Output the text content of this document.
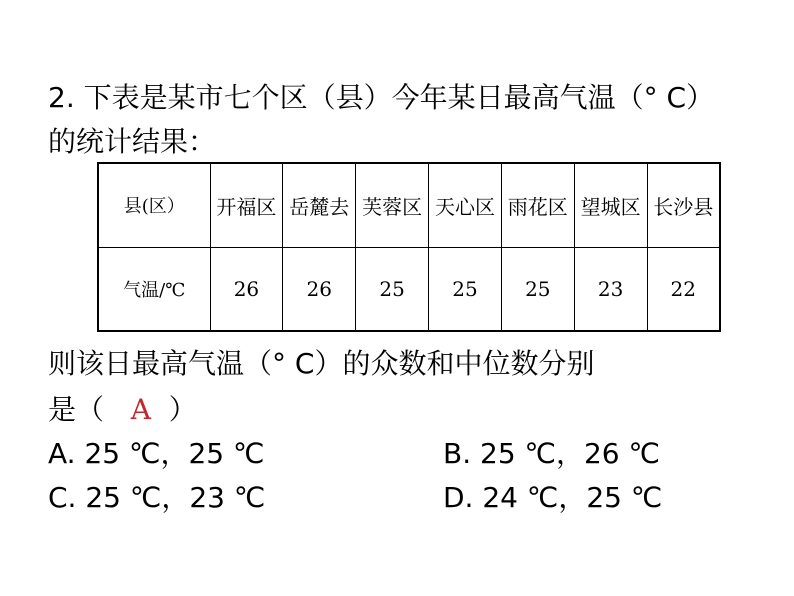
2. 下表是某市七个区（县）今年某日最高气温（° C）
的统计结果：
县(区）	开福区	岳麓去	芙蓉区	天心区	雨花区	望城区	长沙县
气温/℃	26	26	25	25	25	23	22
则该日最高气温（° C）的众数和中位数分别
是（ A ）
A. 25 ℃，25 ℃	B. 25 ℃，26 ℃
C. 25 ℃，23 ℃	D. 24 ℃，25 ℃
